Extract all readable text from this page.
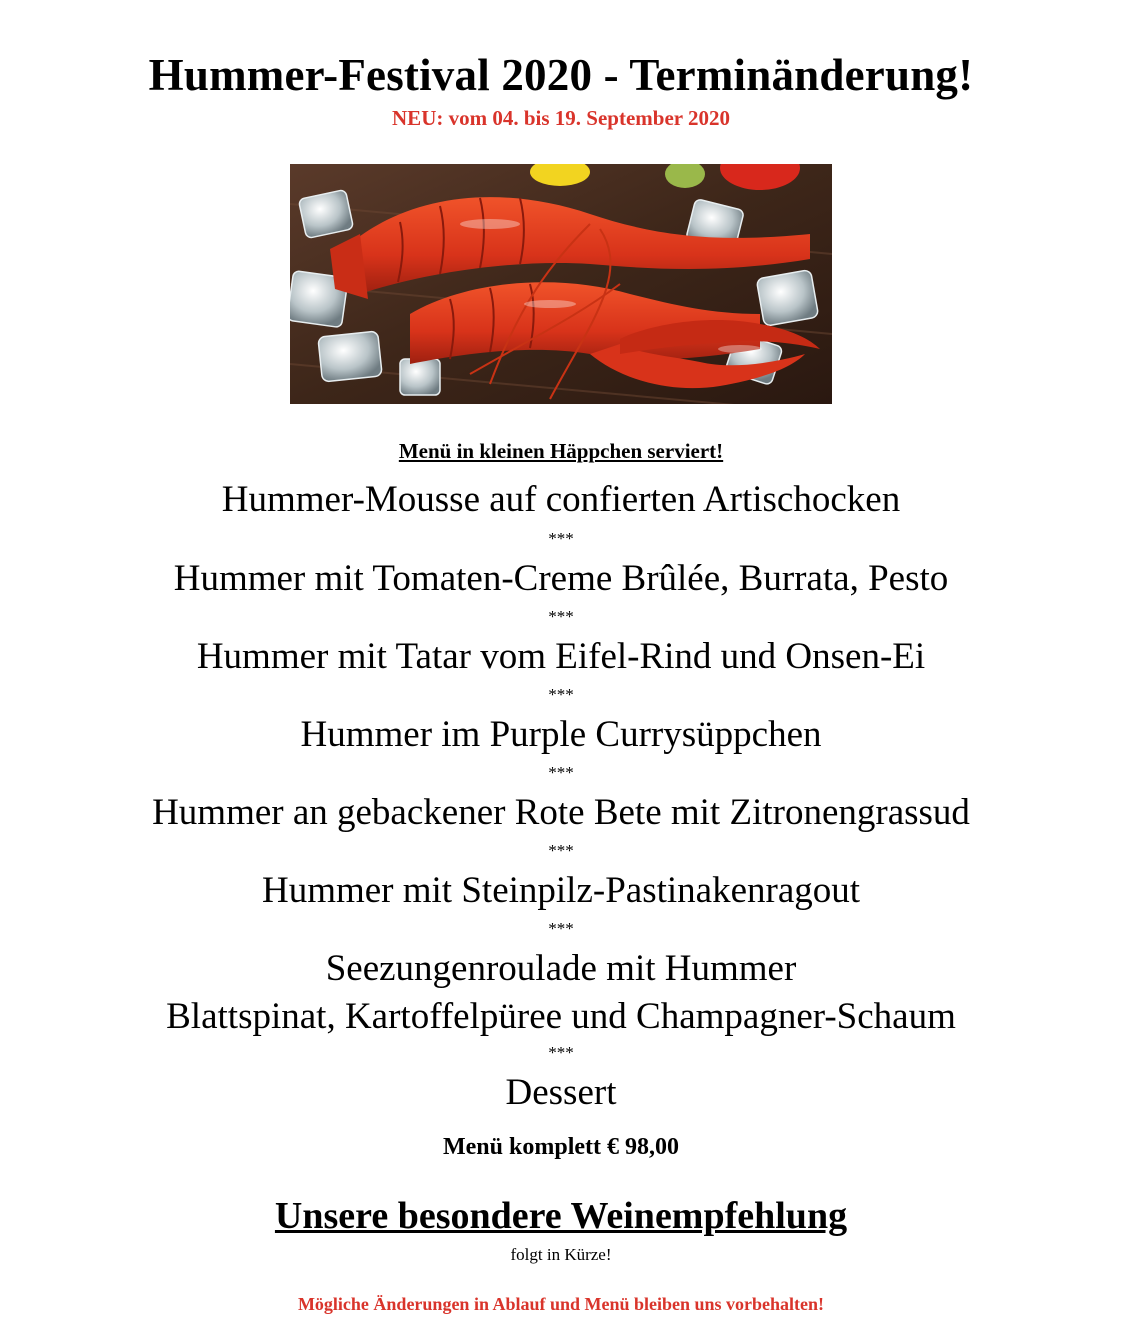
Hummer-Festival 2020 - Terminänderung!
NEU: vom 04. bis 19. September 2020
Menü in kleinen Häppchen serviert!
Hummer-Mousse auf confierten Artischocken
***
Hummer mit Tomaten-Creme Brûlée, Burrata, Pesto
***
Hummer mit Tatar vom Eifel-Rind und Onsen-Ei
***
Hummer im Purple Currysüppchen
***
Hummer an gebackener Rote Bete mit Zitronengrassud
***
Hummer mit Steinpilz-Pastinakenragout
***
Seezungenroulade mit Hummer
Blattspinat, Kartoffelpüree und Champagner-Schaum
***
Dessert
Menü komplett € 98,00
Unsere besondere Weinempfehlung
folgt in Kürze!
Mögliche Änderungen in Ablauf und Menü bleiben uns vorbehalten!
